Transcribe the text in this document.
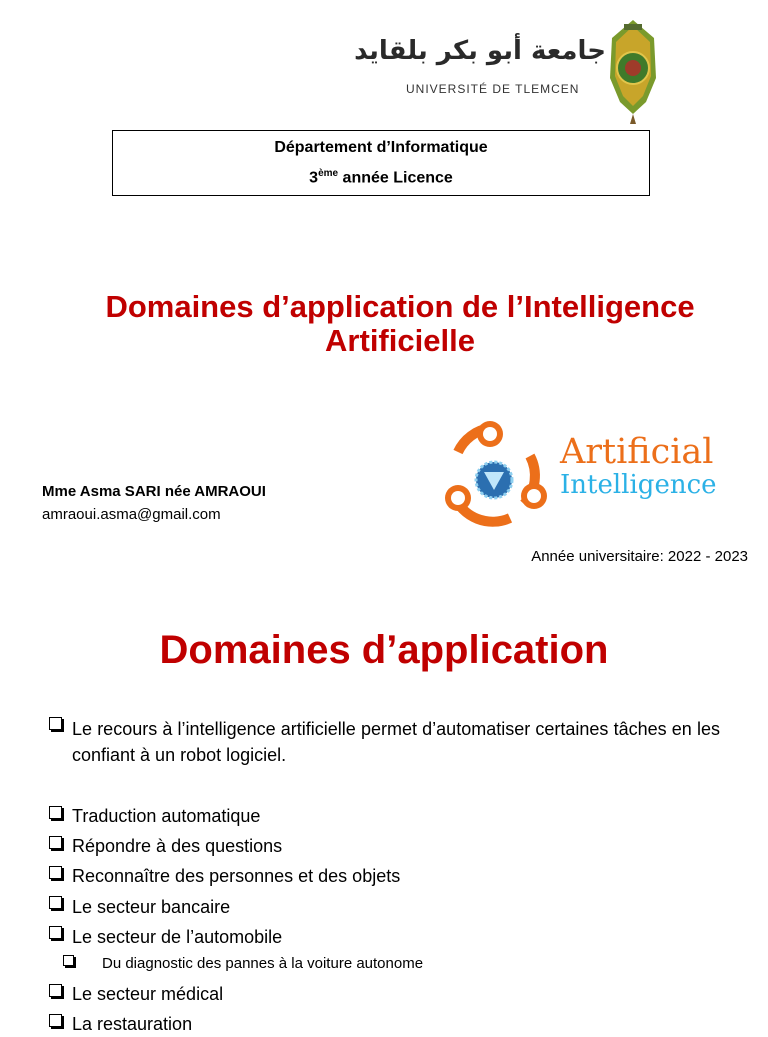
جامعة أبو بكر بلقايد
UNIVERSITÉ DE TLEMCEN
Département d’Informatique
3ème année Licence
Domaines d’application de l’Intelligence
Artificielle
Artificial
Intelligence
Mme Asma SARI née AMRAOUI
amraoui.asma@gmail.com
Année universitaire: 2022 - 2023
Domaines d’application
Le recours à l’intelligence artificielle permet d’automatiser certaines tâches en les confiant à un robot logiciel.
Traduction automatique
Répondre à des questions
Reconnaître des personnes et des objets
Le secteur bancaire
Le secteur de l’automobile
Du diagnostic des pannes à la voiture autonome
Le secteur médical
La restauration
